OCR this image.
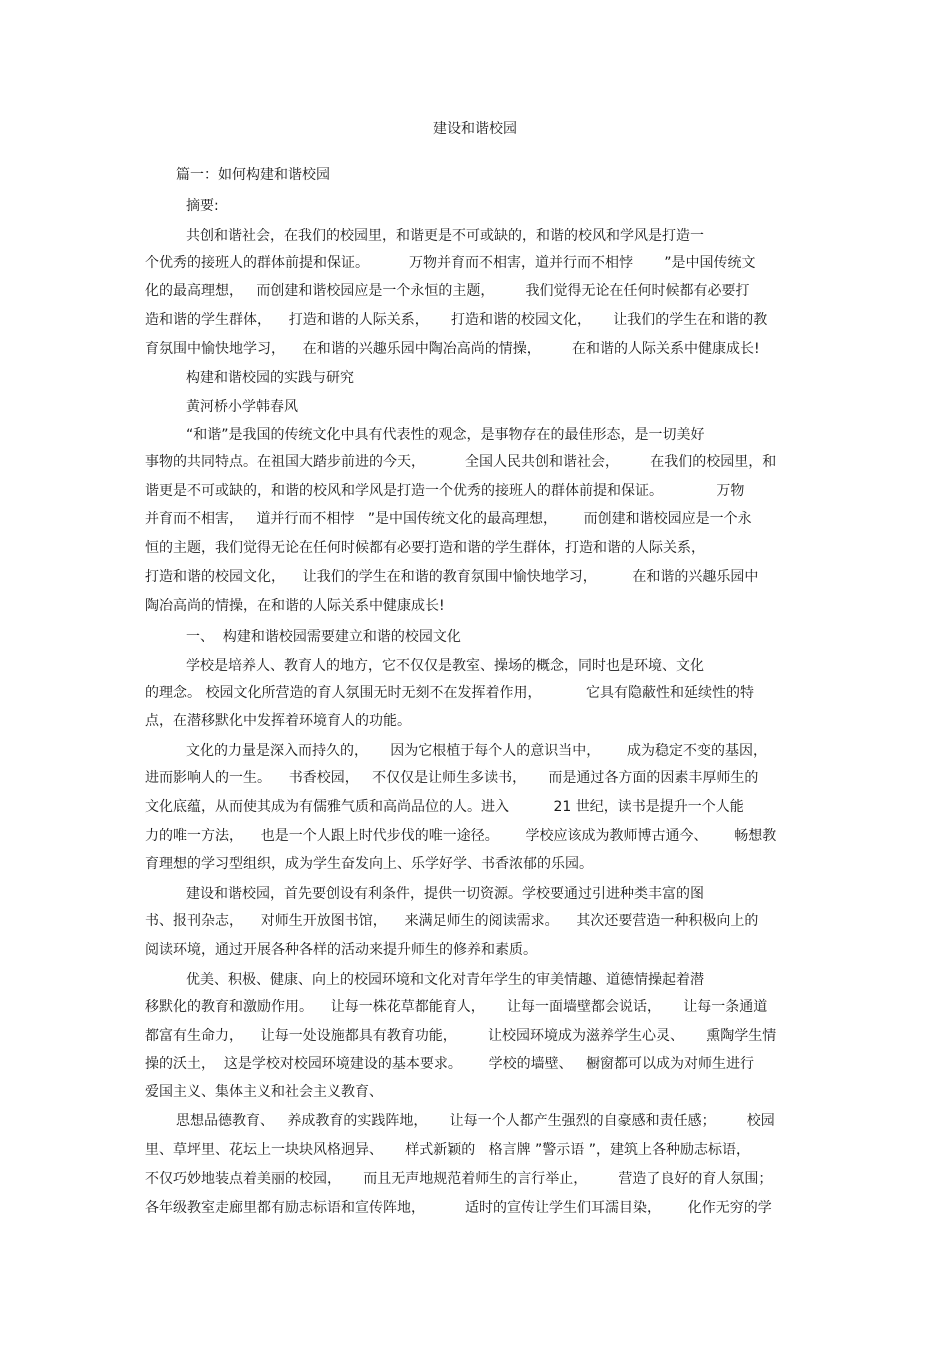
建设和谐校园
篇一：如何构建和谐校园
摘要:
共创和谐社会，在我们的校园里，和谐更是不可或缺的，和谐的校风和学风是打造一
个优秀的接班人的群体前提和保证。         万物并育而不相害，道并行而不相悖       ”是中国传统文
化的最高理想，   而创建和谐校园应是一个永恒的主题，       我们觉得无论在任何时候都有必要打
造和谐的学生群体，    打造和谐的人际关系，     打造和谐的校园文化，     让我们的学生在和谐的教
育氛围中愉快地学习，    在和谐的兴趣乐园中陶冶高尚的情操，       在和谐的人际关系中健康成长!
构建和谐校园的实践与研究
黄河桥小学韩春风
“和谐”是我国的传统文化中具有代表性的观念，是事物存在的最佳形态，是一切美好
事物的共同特点。在祖国大踏步前进的今天，         全国人民共创和谐社会，       在我们的校园里，和
谐更是不可或缺的，和谐的校风和学风是打造一个优秀的接班人的群体前提和保证。            万物
并育而不相害，   道并行而不相悖   ”是中国传统文化的最高理想，      而创建和谐校园应是一个永
恒的主题，我们觉得无论在任何时候都有必要打造和谐的学生群体，打造和谐的人际关系，
打造和谐的校园文化，    让我们的学生在和谐的教育氛围中愉快地学习，        在和谐的兴趣乐园中
陶冶高尚的情操，在和谐的人际关系中健康成长!
一、  构建和谐校园需要建立和谐的校园文化
学校是培养人、教育人的地方，它不仅仅是教室、操场的概念，同时也是环境、文化
的理念。 校园文化所营造的育人氛围无时无刻不在发挥着作用，          它具有隐蔽性和延续性的特
点，在潜移默化中发挥着环境育人的功能。
文化的力量是深入而持久的，     因为它根植于每个人的意识当中，      成为稳定不变的基因，
进而影响人的一生。    书香校园，   不仅仅是让师生多读书，     而是通过各方面的因素丰厚师生的
文化底蕴，从而使其成为有儒雅气质和高尚品位的人。进入          21 世纪，读书是提升一个人能
力的唯一方法，    也是一个人跟上时代步伐的唯一途径。      学校应该成为教师博古通今、      畅想教
育理想的学习型组织，成为学生奋发向上、乐学好学、书香浓郁的乐园。
建设和谐校园，首先要创设有利条件，提供一切资源。学校要通过引进种类丰富的图
书、报刊杂志，    对师生开放图书馆，    来满足师生的阅读需求。    其次还要营造一种积极向上的
阅读环境，通过开展各种各样的活动来提升师生的修养和素质。
优美、积极、健康、向上的校园环境和文化对青年学生的审美情趣、道德情操起着潜
移默化的教育和激励作用。    让每一株花草都能育人，     让每一面墙壁都会说话，     让每一条通道
都富有生命力，    让每一处设施都具有教育功能，       让校园环境成为滋养学生心灵、     熏陶学生情
操的沃土，  这是学校对校园环境建设的基本要求。      学校的墙壁、   橱窗都可以成为对师生进行
爱国主义、集体主义和社会主义教育、
思想品德教育、   养成教育的实践阵地，     让每一个人都产生强烈的自豪感和责任感；       校园
里、草坪里、花坛上一块块风格迥异、     样式新颖的   格言牌 ”警示语 ”，建筑上各种励志标语，
不仅巧妙地装点着美丽的校园，     而且无声地规范着师生的言行举止，       营造了良好的育人氛围；
各年级教室走廊里都有励志标语和宣传阵地，         适时的宣传让学生们耳濡目染，      化作无穷的学
